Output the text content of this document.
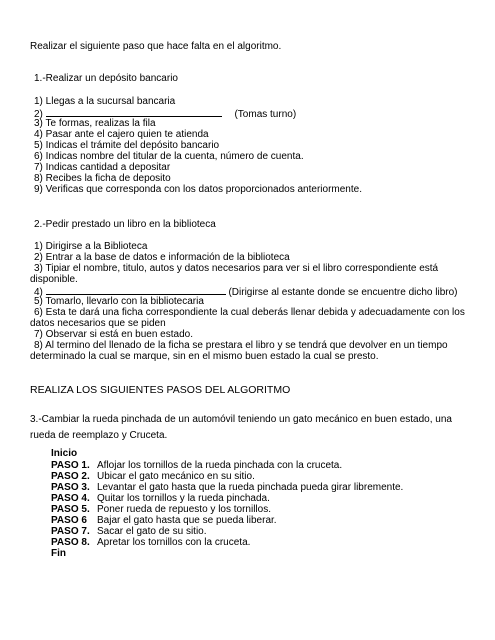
Realizar el siguiente paso que hace falta en el algoritmo.
1.-Realizar un depósito bancario
1) Llegas a la sucursal bancaria
2)	(Tomas turno)
3) Te formas, realizas la fila
4) Pasar ante el cajero quien te atienda
5) Indicas el trámite del depósito bancario
6) Indicas nombre del titular de la cuenta, número de cuenta.
7) Indicas cantidad a depositar
8) Recibes la ficha de deposito
9) Verificas que corresponda con los datos proporcionados anteriormente.
2.-Pedir prestado un libro en la biblioteca
1) Dirigirse a la Biblioteca
2) Entrar a la base de datos e información de la biblioteca
3) Tipiar el nombre, titulo, autos y datos necesarios para ver si el libro correspondiente está disponible.
4)	(Dirigirse al estante donde se encuentre dicho libro)
5) Tomarlo, llevarlo con la bibliotecaria
6) Esta te dará una ficha correspondiente la cual deberás llenar debida y adecuadamente con los datos necesarios que se piden
7) Observar si está en buen estado.
8) Al termino del llenado de la ficha se prestara el libro y se tendrá que devolver en un tiempo determinado la cual se marque, sin en el mismo buen estado la cual se presto.
REALIZA LOS SIGUIENTES PASOS DEL ALGORITMO
3.-Cambiar la rueda pinchada de un automóvil teniendo un gato mecánico en buen estado, una rueda de reemplazo y Cruceta.
Inicio
PASO 1. Aflojar los tornillos de la rueda pinchada con la cruceta.
PASO 2. Ubicar el gato mecánico en su sitio.
PASO 3. Levantar el gato hasta que la rueda pinchada pueda girar libremente.
PASO 4. Quitar los tornillos y la rueda pinchada.
PASO 5. Poner rueda de repuesto y los tornillos.
PASO 6 Bajar el gato hasta que se pueda liberar.
PASO 7. Sacar el gato de su sitio.
PASO 8. Apretar los tornillos con la cruceta.
Fin
